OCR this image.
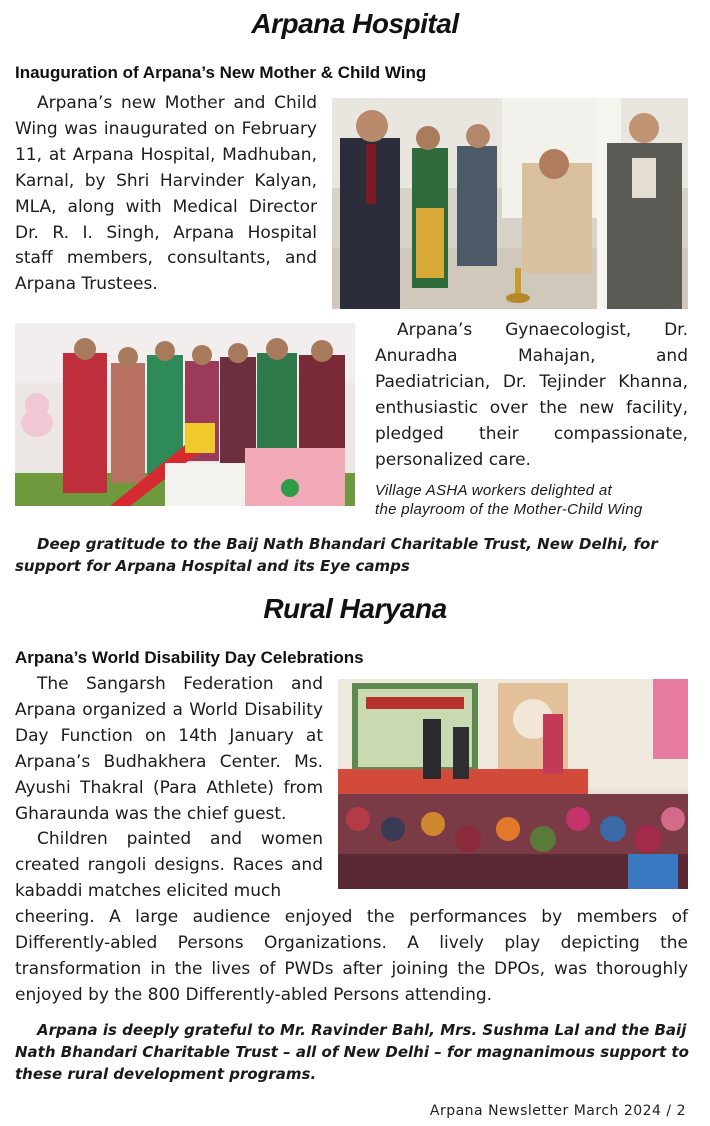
Arpana Hospital
Inauguration of Arpana’s New Mother & Child Wing

Arpana’s new Mother and Child Wing was inaugurated on February 11, at Arpana Hospital, Madhuban, Karnal, by Shri Harvinder Kalyan, MLA, along with Medical Director Dr. R. I. Singh, Arpana Hospital staff members, consultants, and Arpana Trustees.

Arpana’s Gynaecologist, Dr. Anuradha Mahajan, and Paediatrician, Dr. Tejinder Khanna, enthusiastic over the new facility, pledged their compassionate, personalized care.

Village ASHA workers delighted at

the playroom of the Mother-Child Wing

Deep gratitude to the Baij Nath Bhandari Charitable Trust, New Delhi, for support for Arpana Hospital and its Eye camps

Rural Haryana
Arpana’s World Disability Day Celebrations

The Sangarsh Federation and Arpana organized a World Disability Day Function on 14th January at Arpana’s Budhakhera Center. Ms. Ayushi Thakral (Para Athlete) from Gharaunda was the chief guest.

Children painted and women created rangoli designs. Races and kabaddi matches elicited much

cheering. A large audience enjoyed the performances by members of Differently-abled Persons Organizations. A lively play depicting the transformation in the lives of PWDs after joining the DPOs, was thoroughly enjoyed by the 800 Differently-abled Persons attending.

Arpana is deeply grateful to Mr. Ravinder Bahl, Mrs. Sushma Lal and the Baij Nath Bhandari Charitable Trust – all of New Delhi – for magnanimous support to these rural development programs.

Arpana Newsletter March 2024 / 2
